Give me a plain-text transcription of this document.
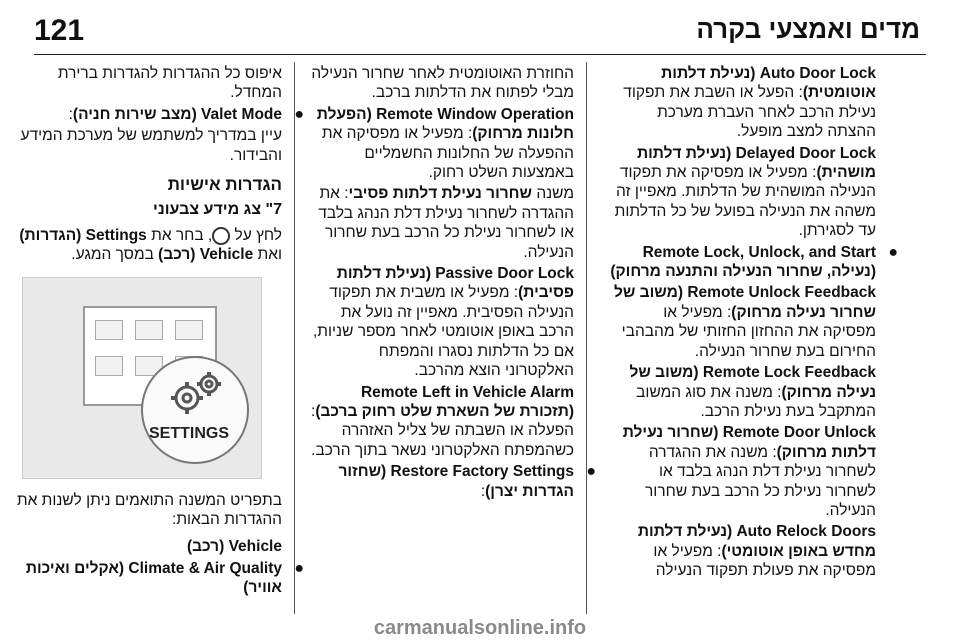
121	מדים ואמצעי בקרה

Auto Door Lock (נעילת דלתות אוטומטית): הפעל או השבת את תפקוד נעילת הרכב לאחר העברת מערכת ההצתה למצב מופעל.

Delayed Door Lock (נעילת דלתות מושהית): מפעיל או מפסיקה את תפקוד הנעילה המושהית של הדלתות. מאפיין זה משהה את הנעילה בפועל של כל הדלתות עד לסגירתן.

●

Remote Lock, Unlock, and Start (נעילה, שחרור הנעילה והתנעה מרחוק)

Remote Unlock Feedback (משוב של שחרור נעילה מרחוק): מפעיל או מפסיקה את ההחזון החזותי של מהבהבי החירום בעת שחרור הנעילה.

Remote Lock Feedback (משוב של נעילה מרחוק): משנה את סוג המשוב המתקבל בעת נעילת הרכב.

Remote Door Unlock (שחרור נעילת דלתות מרחוק): משנה את ההגדרה לשחרור נעילת דלת הנהג בלבד או לשחרור נעילת כל הרכב בעת שחרור הנעילה.

Auto Relock Doors (נעילת דלתות מחדש באופן אוטומטי): מפעיל או מפסיקה את פעולת תפקוד הנעילה

החוזרת האוטומטית לאחר שחרור הנעילה מבלי לפתוח את הדלתות ברכב.

Remote Window Operation (הפעלת חלונות מרחוק): מפעיל או מפסיקה את ההפעלה של החלונות החשמליים באמצעות השלט רחוק.

משנה שחרור נעילת דלתות פסיבי: את ההגדרה לשחרור נעילת דלת הנהג בלבד או לשחרור נעילת כל הרכב בעת שחרור הנעילה.

Passive Door Lock (נעילת דלתות פסיבית): מפעיל או משבית את תפקוד הנעילה הפסיבית. מאפיין זה נועל את הרכב באופן אוטומטי לאחר מספר שניות, אם כל הדלתות נסגרו והמפתח האלקטרוני הוצא מהרכב.

Remote Left in Vehicle Alarm (תזכורת של השארת שלט רחוק ברכב): הפעלה או השבתה של צליל האזהרה כשהמפתח האלקטרוני נשאר בתוך הרכב.

●

Restore Factory Settings (שחזור הגדרות יצרן):

איפוס כל ההגדרות להגדרות ברירת המחדל.

●

Valet Mode (מצב שירות חניה):

עיין במדריך למשתמש של מערכת המידע והבידור.

הגדרות אישיות
7" צג מידע צבעוני

לחץ על , בחר את Settings (הגדרות) ואת Vehicle (רכב) במסך המגע.

SETTINGS

בתפריט המשנה התואמים ניתן לשנות את ההגדרות הבאות:

Vehicle (רכב)

●

Climate & Air Quality (אקלים ואיכות אוויר)

carmanualsonline.info
